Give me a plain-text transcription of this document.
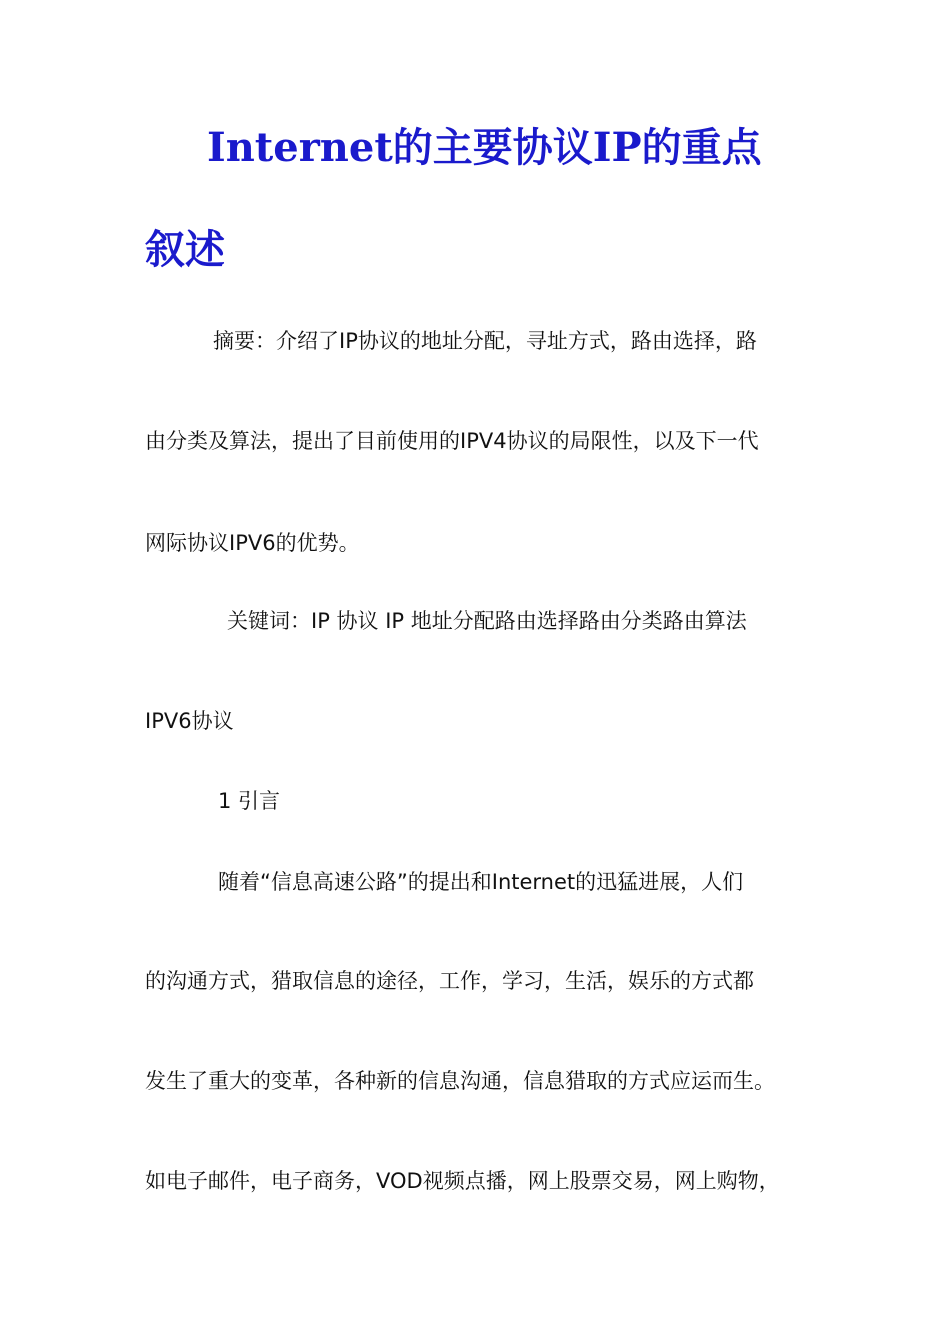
Internet的主要协议IP的重点
叙述
摘要：介绍了IP协议的地址分配，寻址方式，路由选择，路
由分类及算法，提出了目前使用的IPV4协议的局限性，以及下一代
网际协议IPV6的优势。
关键词：IP 协议 IP 地址分配路由选择路由分类路由算法
IPV6协议
1 引言
随着“信息高速公路”的提出和Internet的迅猛进展，人们
的沟通方式，猎取信息的途径，工作，学习，生活，娱乐的方式都
发生了重大的变革，各种新的信息沟通，信息猎取的方式应运而生。
如电子邮件，电子商务，VOD视频点播，网上股票交易，网上购物，
